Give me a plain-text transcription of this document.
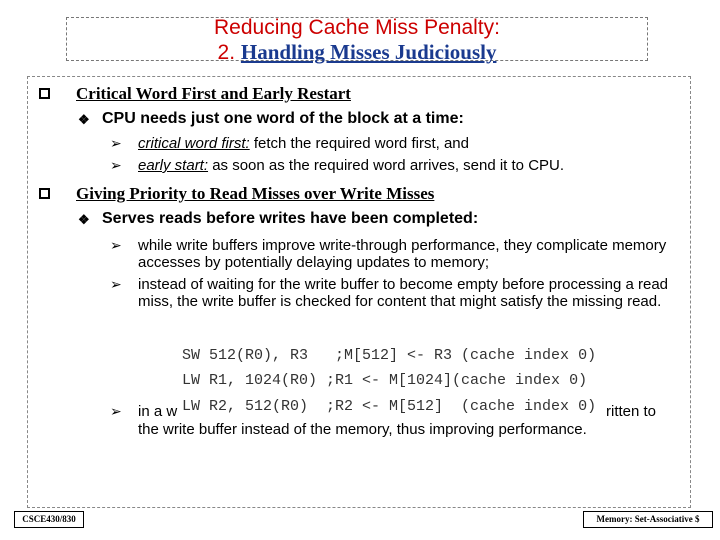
Reducing Cache Miss Penalty:
2. Handling Misses Judiciously
Critical Word First and Early Restart
❖ CPU needs just one word of the block at a time:
➢ critical word first: fetch the required word first, and
➢ early start: as soon as the required word arrives, send it to CPU.
Giving Priority to Read Misses over Write Misses
❖ Serves reads before writes have been completed:
➢ while write buffers improve write-through performance, they complicate memory accesses by potentially delaying updates to memory;
➢ instead of waiting for the write buffer to become empty before processing a read miss, the write buffer is checked for content that might satisfy the missing read.
SW 512(R0), R3   ;M[512] <- R3 (cache index 0)
LW R1, 1024(R0) ;R1 <- M[1024](cache index 0)
➢ in a w LW R2, 512(R0)  ;R2 <- M[512]  (cache index 0) ritten to
the write buffer instead of the memory, thus improving performance.
CSCE430/830	Memory: Set-Associative $
